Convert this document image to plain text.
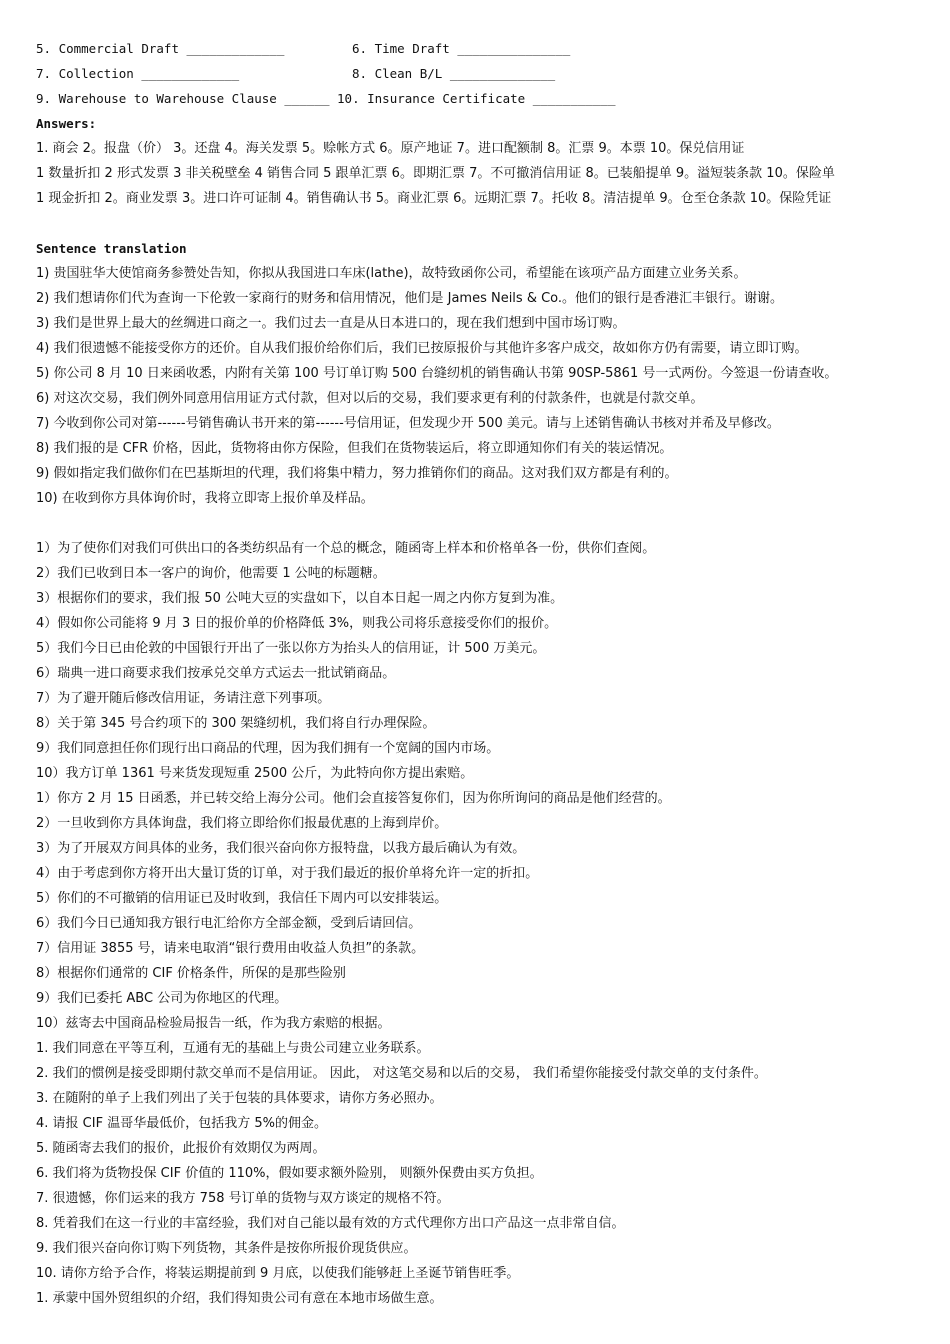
5. Commercial Draft _____________	6. Time Draft _______________
7. Collection _____________	8. Clean B/L ______________
9. Warehouse to Warehouse Clause ______ 10. Insurance Certificate ___________
Answers:
1. 商会 2。报盘（价） 3。还盘 4。海关发票 5。赊帐方式 6。原产地证 7。进口配额制 8。汇票 9。本票 10。保兑信用证
1 数量折扣 2 形式发票 3 非关税壁垒 4 销售合同 5 跟单汇票 6。即期汇票 7。不可撤消信用证 8。已装船提单 9。溢短装条款 10。保险单
1 现金折扣 2。商业发票 3。进口许可证制 4。销售确认书 5。商业汇票 6。远期汇票 7。托收 8。清洁提单 9。仓至仓条款 10。保险凭证
Sentence translation
1) 贵国驻华大使馆商务参赞处告知，你拟从我国进口车床(lathe)，故特致函你公司，希望能在该项产品方面建立业务关系。
2) 我们想请你们代为查询一下伦敦一家商行的财务和信用情况，他们是 James Neils & Co.。他们的银行是香港汇丰银行。谢谢。
3) 我们是世界上最大的丝绸进口商之一。我们过去一直是从日本进口的，现在我们想到中国市场订购。
4) 我们很遗憾不能接受你方的还价。自从我们报价给你们后，我们已按原报价与其他许多客户成交，故如你方仍有需要，请立即订购。
5) 你公司 8 月 10 日来函收悉，内附有关第 100 号订单订购 500 台缝纫机的销售确认书第 90SP-5861 号一式两份。今签退一份请查收。
6) 对这次交易，我们例外同意用信用证方式付款，但对以后的交易，我们要求更有利的付款条件，也就是付款交单。
7) 今收到你公司对第------号销售确认书开来的第------号信用证，但发现少开 500 美元。请与上述销售确认书核对并希及早修改。
8) 我们报的是 CFR 价格，因此，货物将由你方保险，但我们在货物装运后，将立即通知你们有关的装运情况。
9) 假如指定我们做你们在巴基斯坦的代理，我们将集中精力，努力推销你们的商品。这对我们双方都是有利的。
10) 在收到你方具体询价时，我将立即寄上报价单及样品。
1）为了使你们对我们可供出口的各类纺织品有一个总的概念，随函寄上样本和价格单各一份，供你们查阅。
2）我们已收到日本一客户的询价，他需要 1 公吨的标题糖。
3）根据你们的要求，我们报 50 公吨大豆的实盘如下，以自本日起一周之内你方复到为准。
4）假如你公司能将 9 月 3 日的报价单的价格降低 3%，则我公司将乐意接受你们的报价。
5）我们今日已由伦敦的中国银行开出了一张以你方为抬头人的信用证，计 500 万美元。
6）瑞典一进口商要求我们按承兑交单方式运去一批试销商品。
7）为了避开随后修改信用证，务请注意下列事项。
8）关于第 345 号合约项下的 300 架缝纫机，我们将自行办理保险。
9）我们同意担任你们现行出口商品的代理，因为我们拥有一个宽阔的国内市场。
10）我方订单 1361 号来货发现短重 2500 公斤，为此特向你方提出索赔。
1）你方 2 月 15 日函悉，并已转交给上海分公司。他们会直接答复你们，因为你所询问的商品是他们经营的。
2）一旦收到你方具体询盘，我们将立即给你们报最优惠的上海到岸价。
3）为了开展双方间具体的业务，我们很兴奋向你方报特盘，以我方最后确认为有效。
4）由于考虑到你方将开出大量订货的订单，对于我们最近的报价单将允许一定的折扣。
5）你们的不可撤销的信用证已及时收到，我信任下周内可以安排装运。
6）我们今日已通知我方银行电汇给你方全部金额，受到后请回信。
7）信用证 3855 号，请来电取消“银行费用由收益人负担”的条款。
8）根据你们通常的 CIF 价格条件，所保的是那些险别
9）我们已委托 ABC 公司为你地区的代理。
10）兹寄去中国商品检验局报告一纸，作为我方索赔的根据。
1. 我们同意在平等互利，互通有无的基础上与贵公司建立业务联系。
2. 我们的惯例是接受即期付款交单而不是信用证。 因此， 对这笔交易和以后的交易， 我们希望你能接受付款交单的支付条件。
3. 在随附的单子上我们列出了关于包装的具体要求，请你方务必照办。
4. 请报 CIF 温哥华最低价，包括我方 5%的佣金。
5. 随函寄去我们的报价，此报价有效期仅为两周。
6. 我们将为货物投保 CIF 价值的 110%，假如要求额外险别， 则额外保费由买方负担。
7. 很遗憾，你们运来的我方 758 号订单的货物与双方谈定的规格不符。
8. 凭着我们在这一行业的丰富经验，我们对自己能以最有效的方式代理你方出口产品这一点非常自信。
9. 我们很兴奋向你订购下列货物，其条件是按你所报价现货供应。
10. 请你方给予合作，将装运期提前到 9 月底，以使我们能够赶上圣诞节销售旺季。
1. 承蒙中国外贸组织的介绍，我们得知贵公司有意在本地市场做生意。
